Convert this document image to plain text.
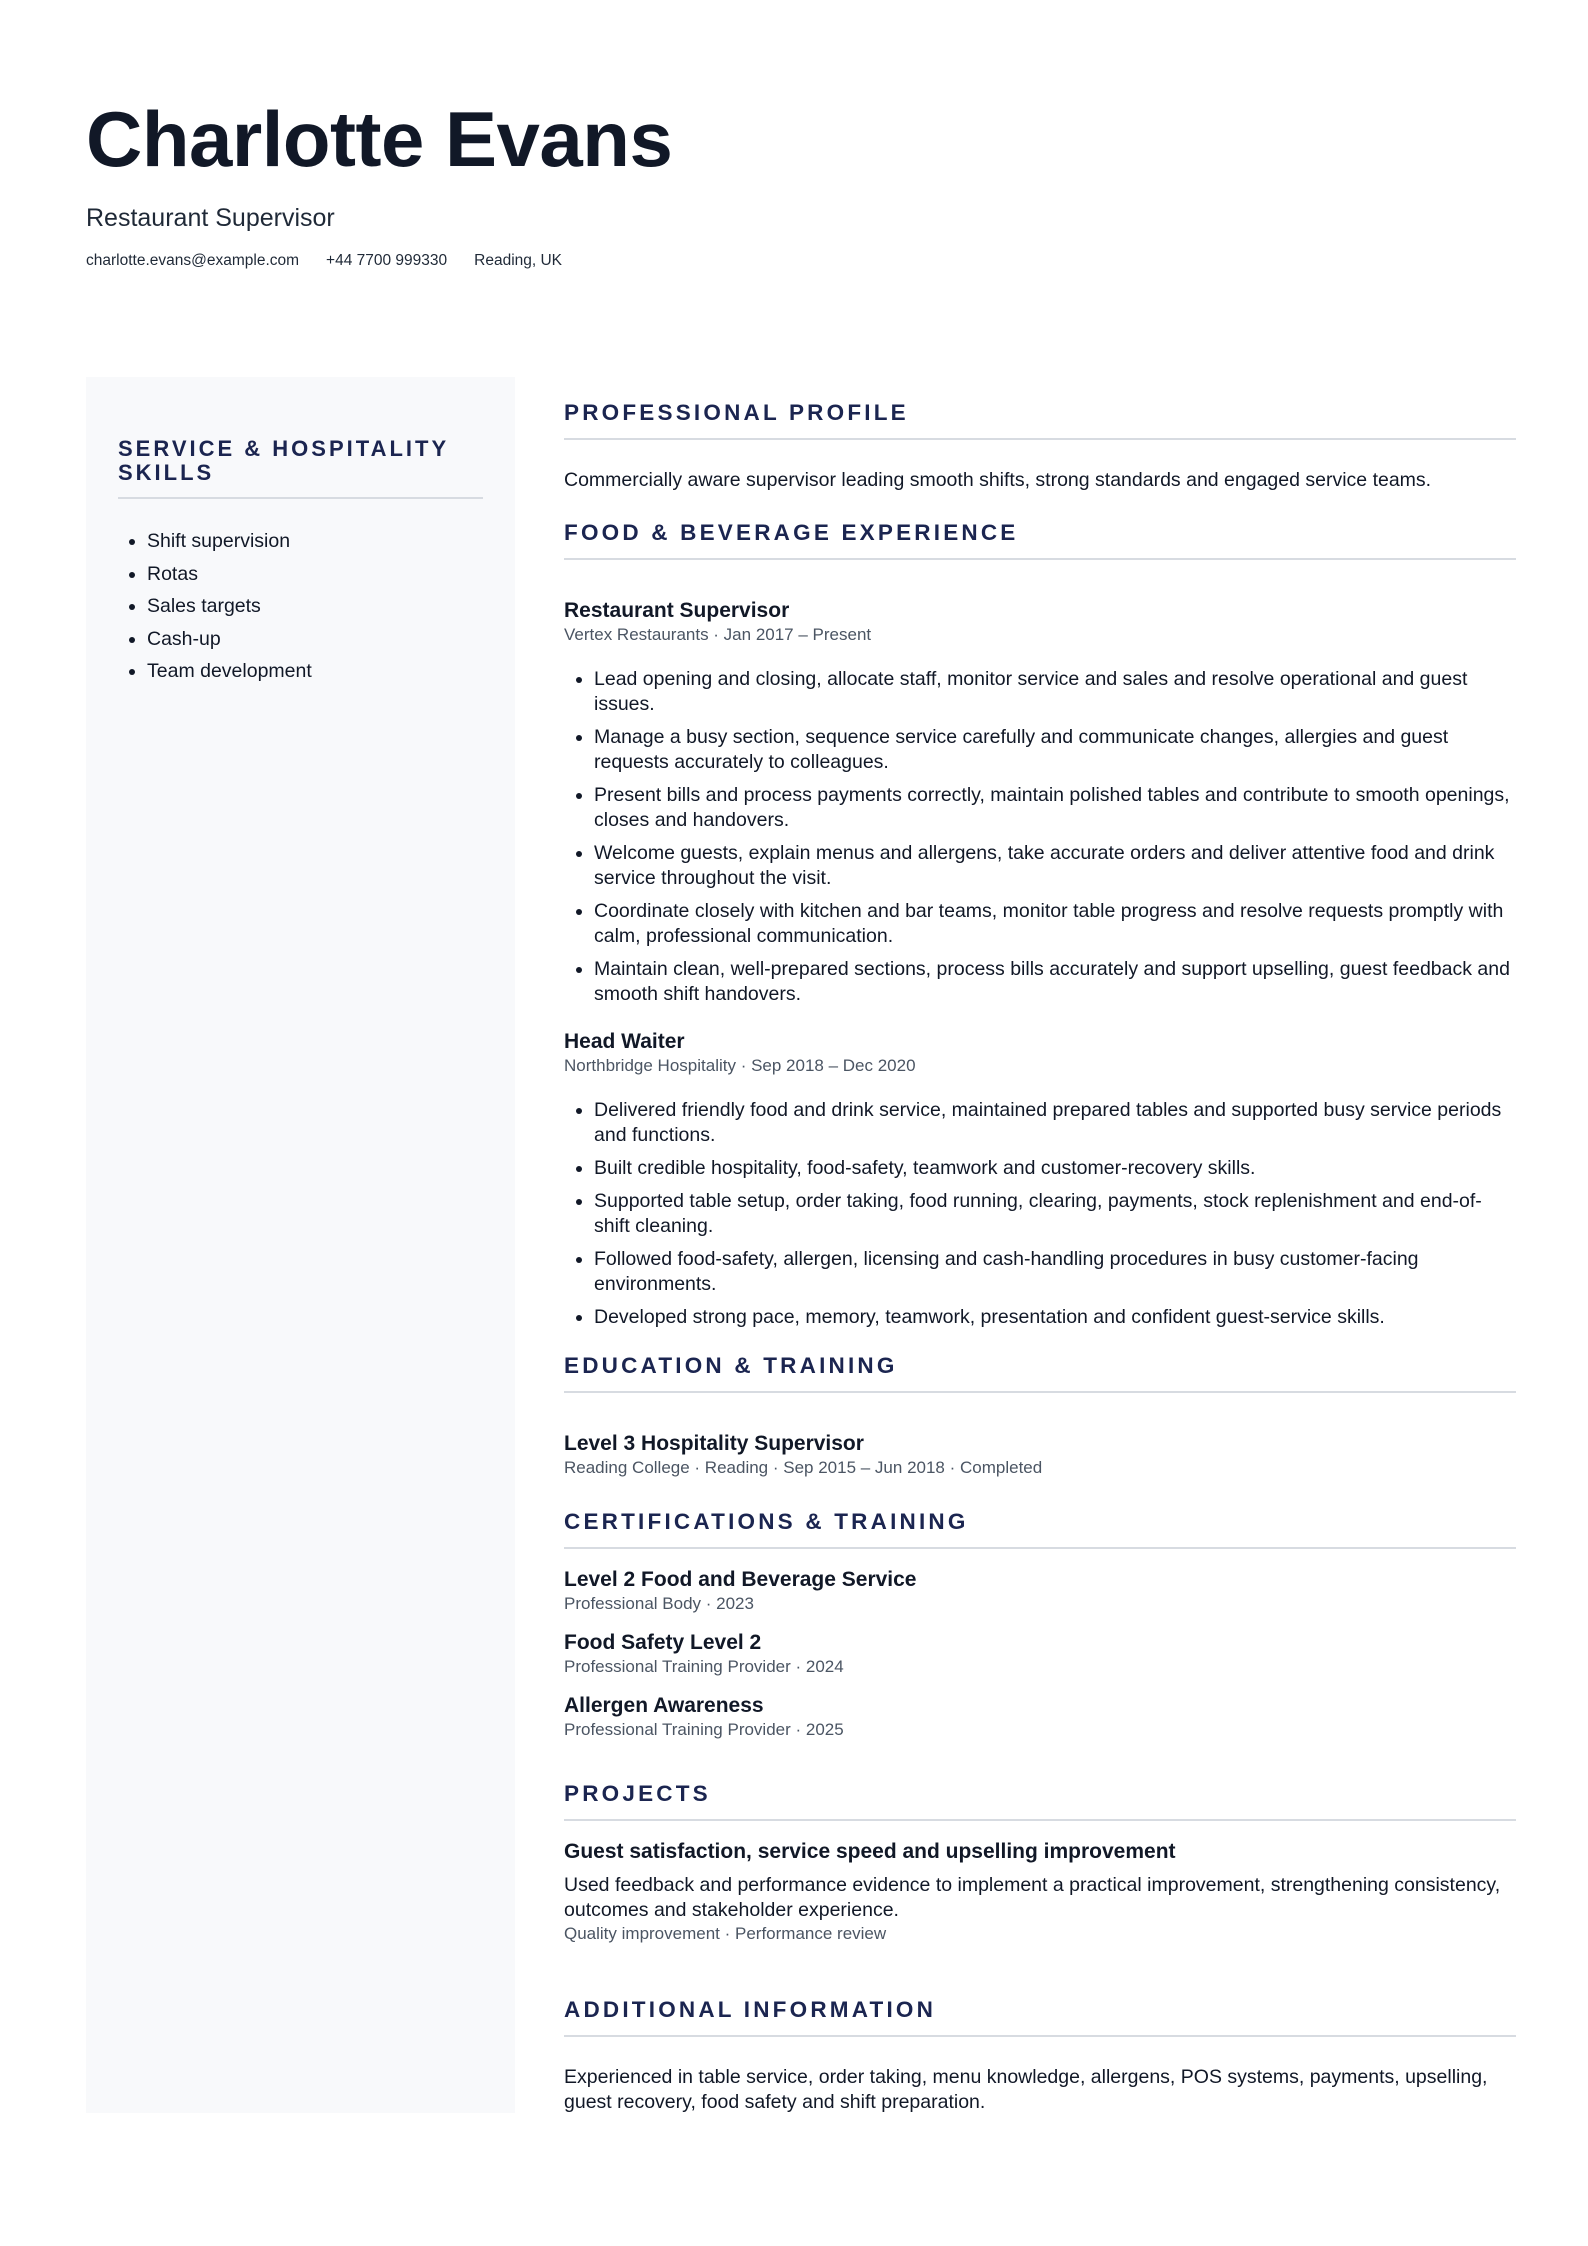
Charlotte Evans
Restaurant Supervisor
charlotte.evans@example.com +44 7700 999330 Reading, UK
SERVICE & HOSPITALITY SKILLS
• Shift supervision
• Rotas
• Sales targets
• Cash-up
• Team development
PROFESSIONAL PROFILE
Commercially aware supervisor leading smooth shifts, strong standards and engaged service teams.
FOOD & BEVERAGE EXPERIENCE
Restaurant Supervisor
Vertex Restaurants · Jan 2017 – Present
• Lead opening and closing, allocate staff, monitor service and sales and resolve operational and guest issues.
• Manage a busy section, sequence service carefully and communicate changes, allergies and guest requests accurately to colleagues.
• Present bills and process payments correctly, maintain polished tables and contribute to smooth openings, closes and handovers.
• Welcome guests, explain menus and allergens, take accurate orders and deliver attentive food and drink service throughout the visit.
• Coordinate closely with kitchen and bar teams, monitor table progress and resolve requests promptly with calm, professional communication.
• Maintain clean, well-prepared sections, process bills accurately and support upselling, guest feedback and smooth shift handovers.
Head Waiter
Northbridge Hospitality · Sep 2018 – Dec 2020
• Delivered friendly food and drink service, maintained prepared tables and supported busy service periods and functions.
• Built credible hospitality, food-safety, teamwork and customer-recovery skills.
• Supported table setup, order taking, food running, clearing, payments, stock replenishment and end-of-shift cleaning.
• Followed food-safety, allergen, licensing and cash-handling procedures in busy customer-facing environments.
• Developed strong pace, memory, teamwork, presentation and confident guest-service skills.
EDUCATION & TRAINING
Level 3 Hospitality Supervisor
Reading College · Reading · Sep 2015 – Jun 2018 · Completed
CERTIFICATIONS & TRAINING
Level 2 Food and Beverage Service
Professional Body · 2023
Food Safety Level 2
Professional Training Provider · 2024
Allergen Awareness
Professional Training Provider · 2025
PROJECTS
Guest satisfaction, service speed and upselling improvement
Used feedback and performance evidence to implement a practical improvement, strengthening consistency, outcomes and stakeholder experience.
Quality improvement · Performance review
ADDITIONAL INFORMATION
Experienced in table service, order taking, menu knowledge, allergens, POS systems, payments, upselling, guest recovery, food safety and shift preparation.
